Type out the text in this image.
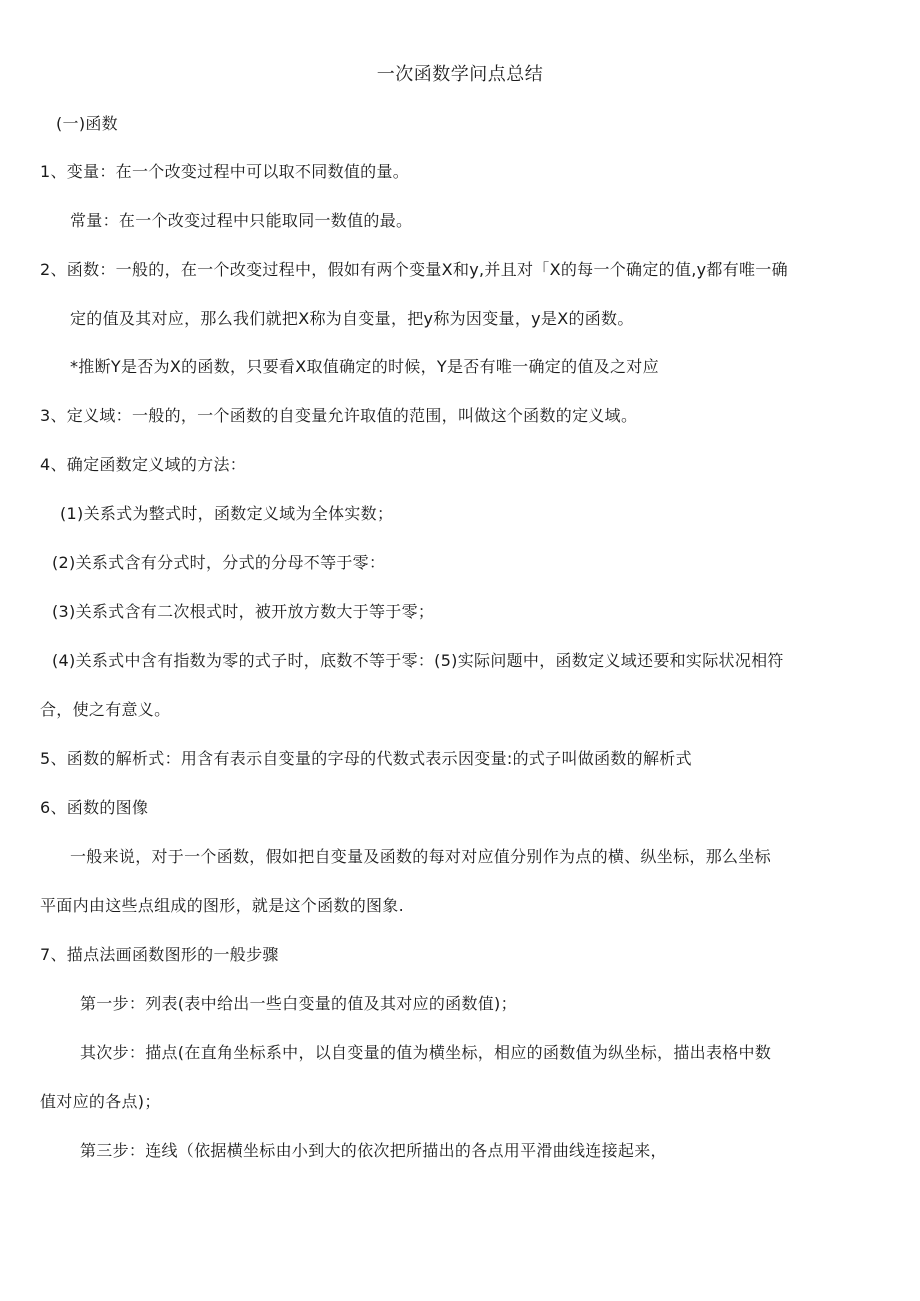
一次函数学问点总结
(一)函数
1、变量：在一个改变过程中可以取不同数值的量。
常量：在一个改变过程中只能取同一数值的最。
2、函数：一般的，在一个改变过程中，假如有两个变量X和y,并且对「X的每一个确定的值,y都有唯一确
定的值及其对应，那么我们就把X称为自变量，把y称为因变量，y是X的函数。
*推断Y是否为X的函数，只要看X取值确定的时候，Y是否有唯一确定的值及之对应
3、定义域：一般的，一个函数的自变量允许取值的范围，叫做这个函数的定义域。
4、确定函数定义域的方法：
(1)关系式为整式时，函数定义域为全体实数；
(2)关系式含有分式时，分式的分母不等于零：
(3)关系式含有二次根式时，被开放方数大于等于零；
(4)关系式中含有指数为零的式子时，底数不等于零：(5)实际问题中，函数定义域还要和实际状况相符
合，使之有意义。
5、函数的解析式：用含有表示自变量的字母的代数式表示因变量:的式子叫做函数的解析式
6、函数的图像
一般来说，对于一个函数，假如把自变量及函数的每对对应值分别作为点的横、纵坐标，那么坐标
平面内由这些点组成的图形，就是这个函数的图象.
7、描点法画函数图形的一般步骤
第一步：列表(表中给出一些白变量的值及其对应的函数值)；
其次步：描点(在直角坐标系中，以自变量的值为横坐标，相应的函数值为纵坐标，描出表格中数
值对应的各点)；
第三步：连线（依据横坐标由小到大的依次把所描出的各点用平滑曲线连接起来，
